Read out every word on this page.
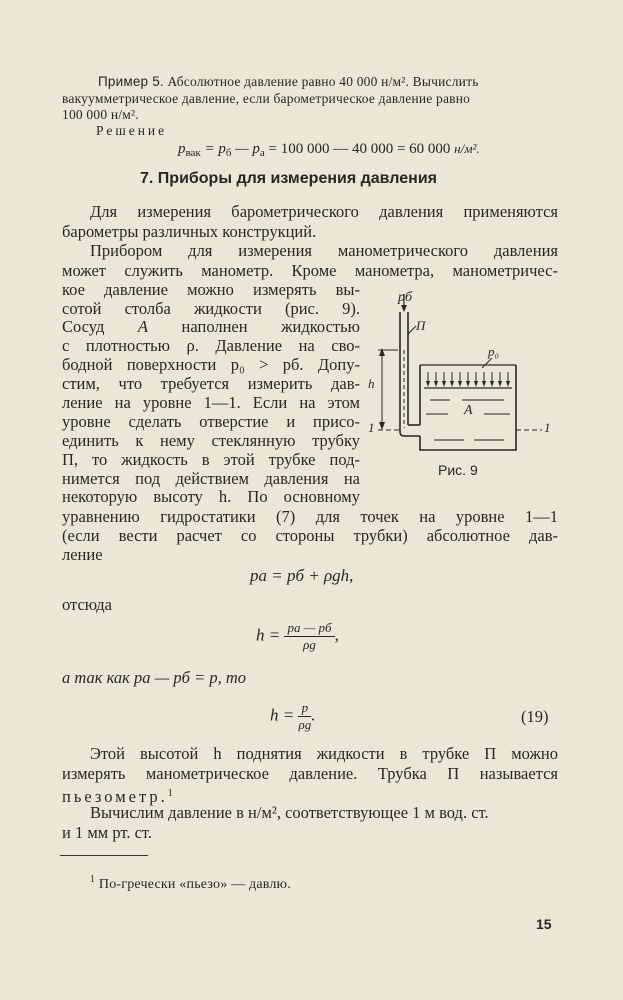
Пример 5. Абсолютное давление равно 40 000 н/м². Вычислить
вакуумметрическое давление, если барометрическое давление равно
100 000 н/м².
Решение
$p_{вак} = p_б$ — $p_а = 100$ 000 — 40 000 = 60 000 н/м².
7. Приборы для измерения давления
Для измерения барометрического давления применяются
барометры различных конструкций.
Прибором для измерения манометрического давления
может служить манометр. Кроме манометра, манометричес-
кое давление можно измерять вы-
сотой столба жидкости (рис. 9).
Сосуд A наполнен жидкостью
с плотностью ρ. Давление на сво-
бодной поверхности p₀ > pб. Допу-
стим, что требуется измерить дав-
ление на уровне 1—1. Если на этом
уровне сделать отверстие и присо-
единить к нему стеклянную трубку
П, то жидкость в этой трубке под-
нимется под действием давления на
некоторую высоту h. По основному
уравнению гидростатики (7) для точек на уровне 1—1
(если вести расчет со стороны трубки) абсолютное дав-
ление
pб
П
p₀
h
A
1	1
Рис. 9
pа = pб + ρgh,
отсюда
$h = \frac{pа — pб}{\rho g}$ ,
а так как pа — pб = p, то
$h = \frac{p}{\rho g}$ .	(19)
Этой высотой h поднятия жидкости в трубке П можно
измерять манометрическое давление. Трубка П называется
пьезометр.$^1$
Вычислим давление в н/м², соответствующее 1 м вод. ст.
и 1 мм рт. ст.
$^1$ По-гречески «пьезо» — давлю.
15
